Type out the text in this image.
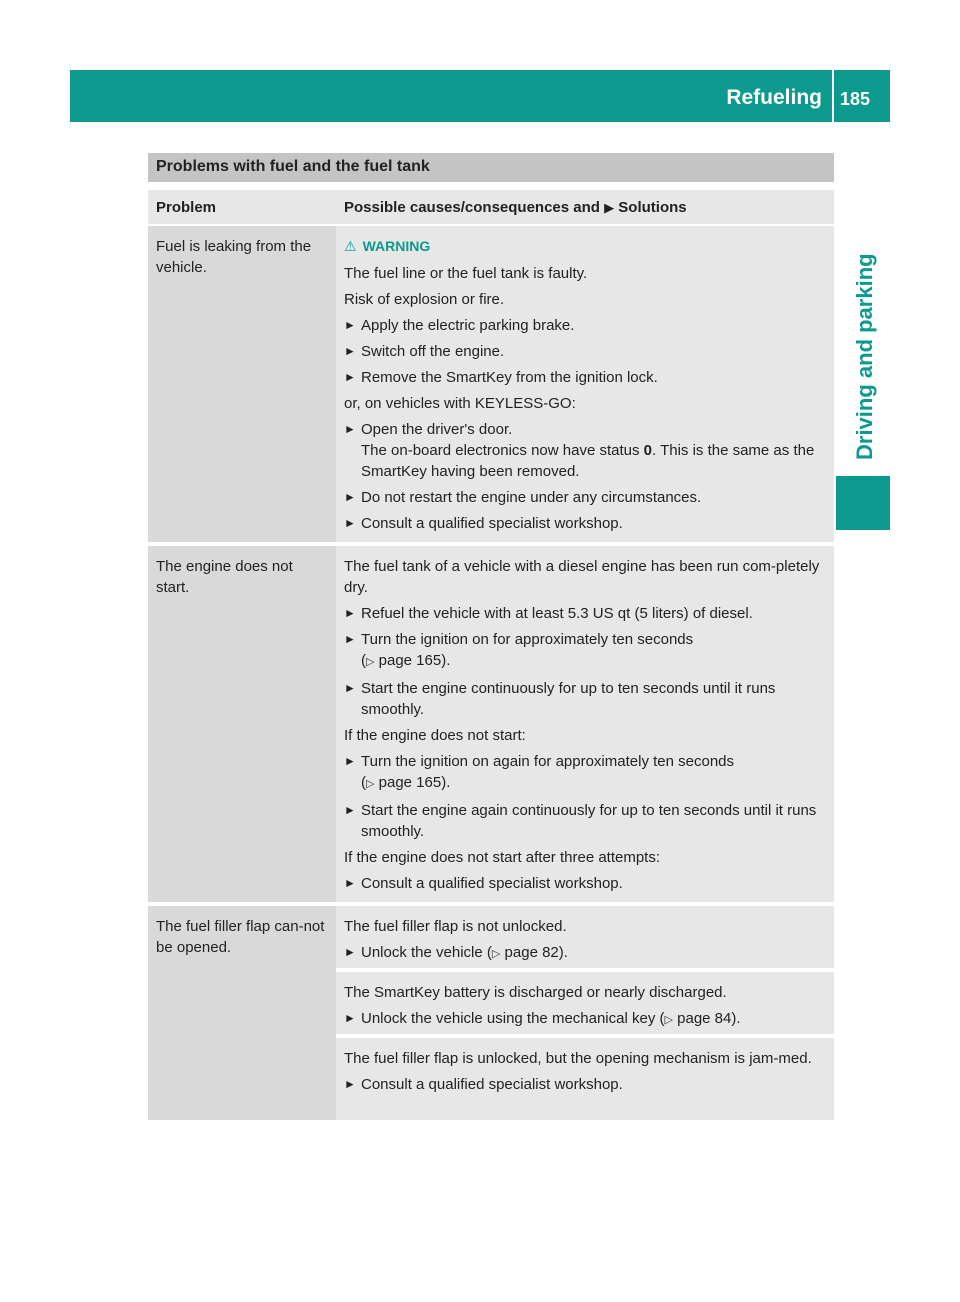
Refueling 185
Driving and parking
Problems with fuel and the fuel tank
Problem	Possible causes/consequences and ▶ Solutions
Fuel is leaking from the vehicle.
⚠ WARNING
The fuel line or the fuel tank is faulty.
Risk of explosion or fire.
► Apply the electric parking brake.
► Switch off the engine.
► Remove the SmartKey from the ignition lock.
or, on vehicles with KEYLESS-GO:
► Open the driver's door.
The on-board electronics now have status 0. This is the same as the SmartKey having been removed.
► Do not restart the engine under any circumstances.
► Consult a qualified specialist workshop.
The engine does not start.
The fuel tank of a vehicle with a diesel engine has been run com-pletely dry.
► Refuel the vehicle with at least 5.3 US qt (5 liters) of diesel.
► Turn the ignition on for approximately ten seconds
(▷ page 165).
► Start the engine continuously for up to ten seconds until it runs smoothly.
If the engine does not start:
► Turn the ignition on again for approximately ten seconds
(▷ page 165).
► Start the engine again continuously for up to ten seconds until it runs smoothly.
If the engine does not start after three attempts:
► Consult a qualified specialist workshop.
The fuel filler flap can-not be opened.
The fuel filler flap is not unlocked.
► Unlock the vehicle (▷ page 82).
The SmartKey battery is discharged or nearly discharged.
► Unlock the vehicle using the mechanical key (▷ page 84).
The fuel filler flap is unlocked, but the opening mechanism is jam-med.
► Consult a qualified specialist workshop.
